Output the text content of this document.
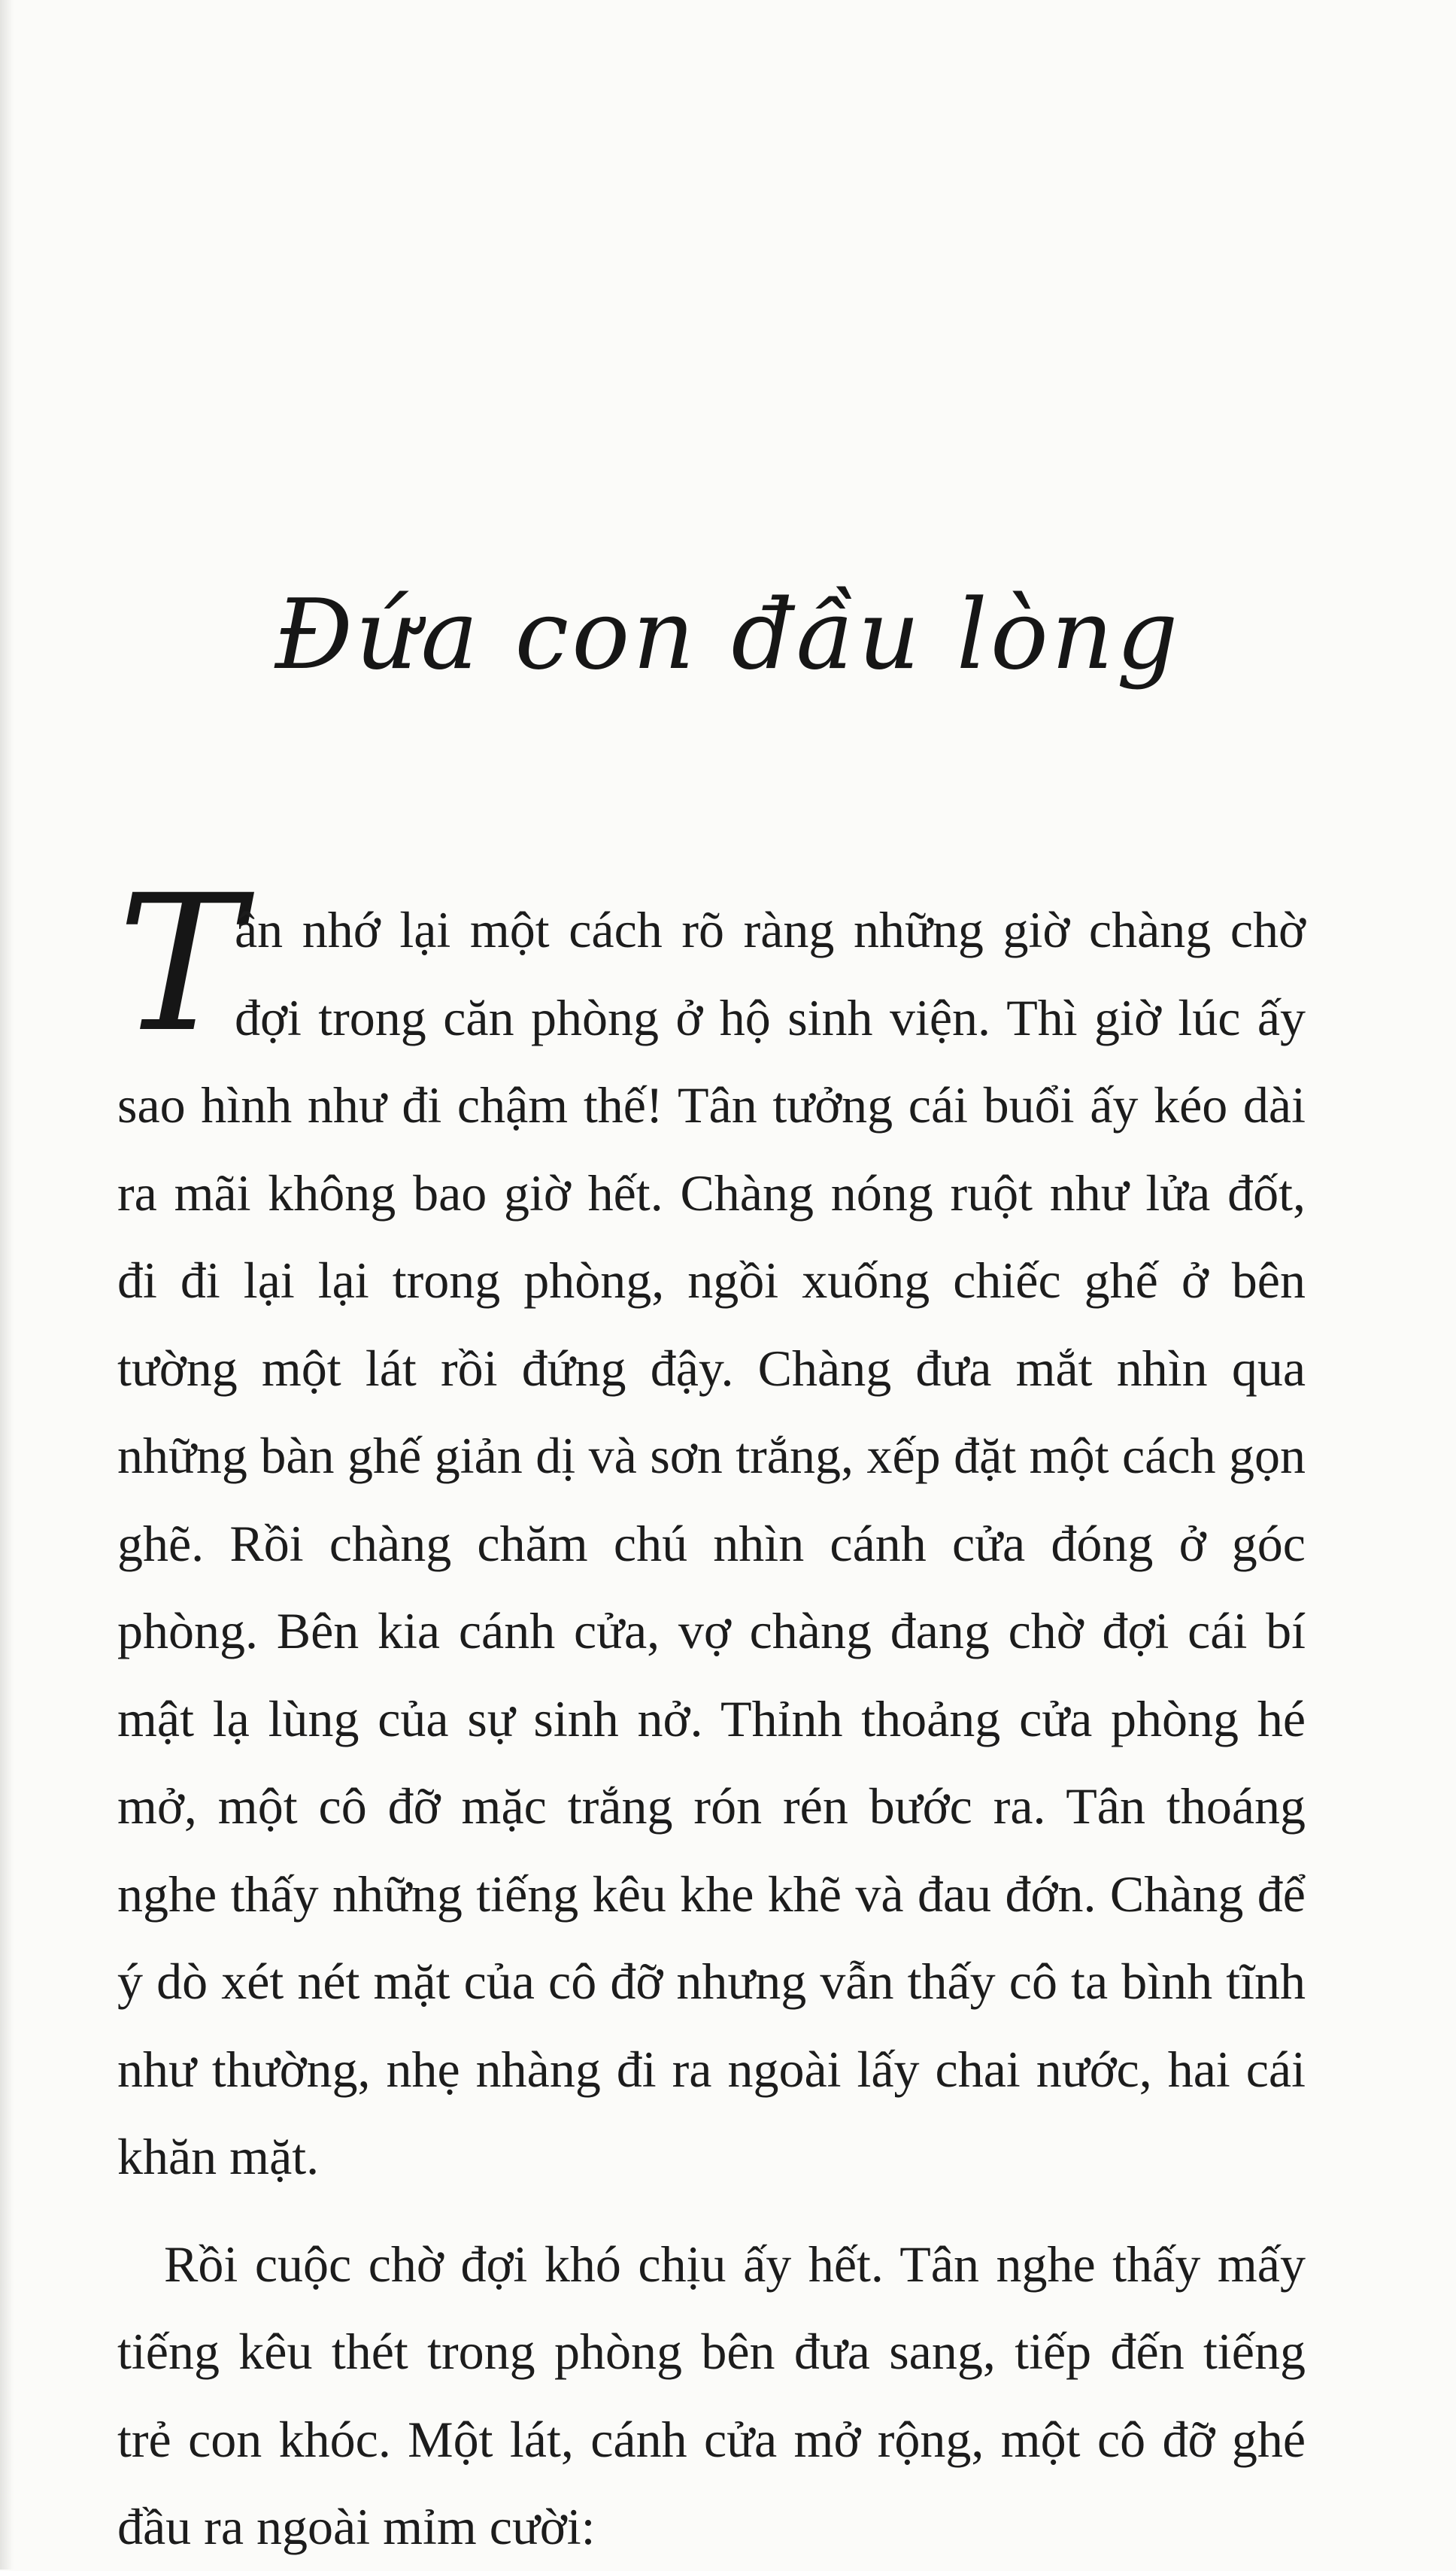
Đứa con đầu lòng

T
ân nhớ lại một cách rõ ràng những giờ chàng chờ đợi trong căn phòng ở hộ sinh viện. Thì giờ lúc ấy sao hình như đi chậm thế! Tân tưởng cái buổi ấy kéo dài ra mãi không bao giờ hết. Chàng nóng ruột như lửa đốt, đi đi lại lại trong phòng, ngồi xuống chiếc ghế ở bên tường một lát rồi đứng đậy. Chàng đưa mắt nhìn qua những bàn ghế giản dị và sơn trắng, xếp đặt một cách gọn ghẽ. Rồi chàng chăm chú nhìn cánh cửa đóng ở góc phòng. Bên kia cánh cửa, vợ chàng đang chờ đợi cái bí mật lạ lùng của sự sinh nở. Thỉnh thoảng cửa phòng hé mở, một cô đỡ mặc trắng rón rén bước ra. Tân thoáng nghe thấy những tiếng kêu khe khẽ và đau đớn. Chàng để ý dò xét nét mặt của cô đỡ nhưng vẫn thấy cô ta bình tĩnh như thường, nhẹ nhàng đi ra ngoài lấy chai nước, hai cái khăn mặt.

Rồi cuộc chờ đợi khó chịu ấy hết. Tân nghe thấy mấy tiếng kêu thét trong phòng bên đưa sang, tiếp đến tiếng trẻ con khóc. Một lát, cánh cửa mở rộng, một cô đỡ ghé đầu ra ngoài mỉm cười:
